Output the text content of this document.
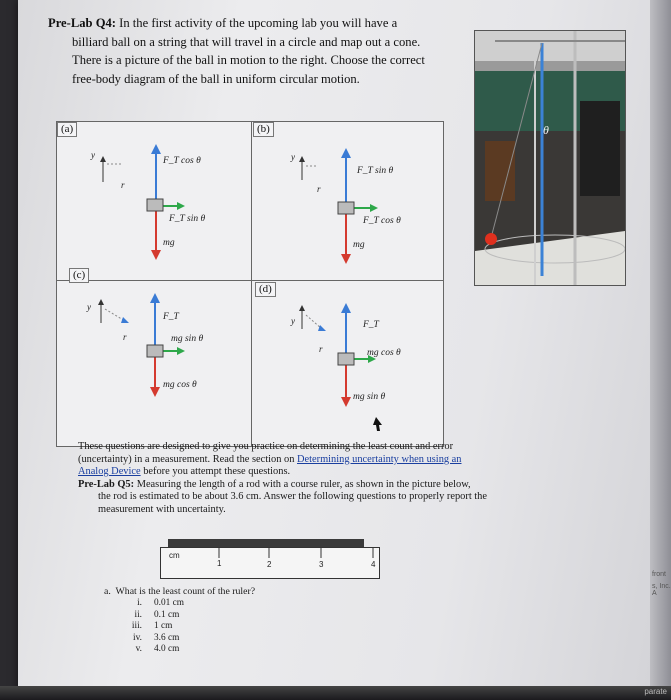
front
s, Inc. A
Pre-Lab Q4: In the first activity of the upcoming lab you will have a
billiard ball on a string that will travel in a circle and map out a cone.
There is a picture of the ball in motion to the right. Choose the correct
free-body diagram of the ball in uniform circular motion.
θ
(a)
y
r
F_T cos θ
F_T sin θ
mg
(b)
y
r
F_T sin θ
F_T cos θ
mg
(c)
y
r
F_T
mg sin θ
mg cos θ
(d)
y
r
F_T
mg cos θ
mg sin θ
These questions are designed to give you practice on determining the least count and error
(uncertainty) in a measurement. Read the section on Determining uncertainty when using an
Analog Device before you attempt these questions.
Pre-Lab Q5: Measuring the length of a rod with a course ruler, as shown in the picture below,
the rod is estimated to be about 3.6 cm. Answer the following questions to properly report the
measurement with uncertainty.
cm
1	2	3	4
a. What is the least count of the ruler?
i.	0.01 cm
ii.	0.1 cm
iii.	1 cm
iv.	3.6 cm
v.	4.0 cm
parate
